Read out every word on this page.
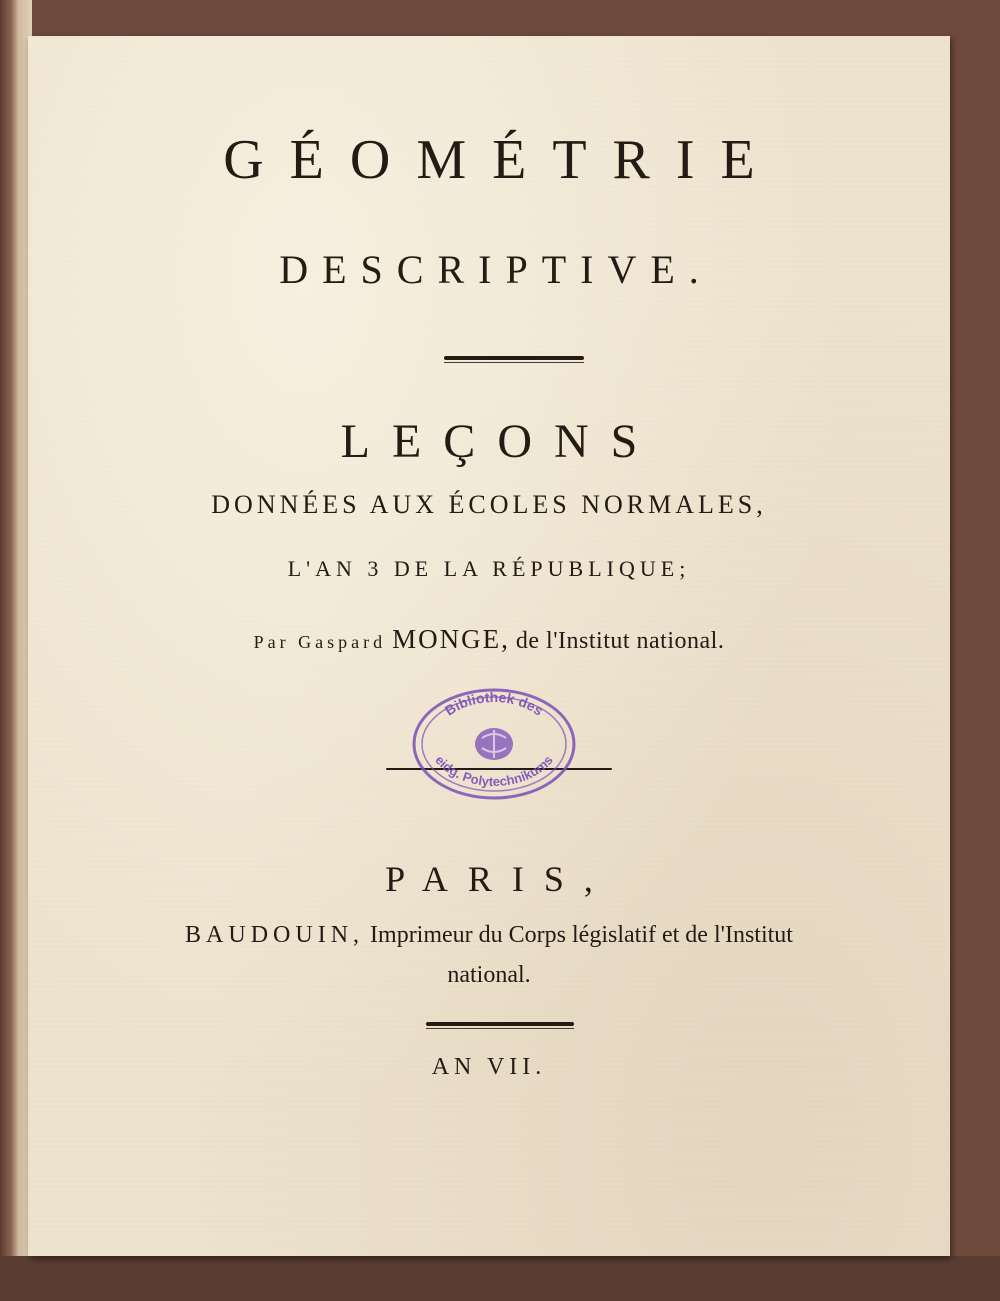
GÉOMÉTRIE
DESCRIPTIVE.
LEÇONS
DONNÉES AUX ÉCOLES NORMALES,
L'AN 3 DE LA RÉPUBLIQUE;
Par Gaspard MONGE, de l'Institut national.
Bibliothek des
eidg. Polytechnikums
PARIS,
BAUDOUIN, Imprimeur du Corps législatif et de l'Institut
national.
AN VII.
